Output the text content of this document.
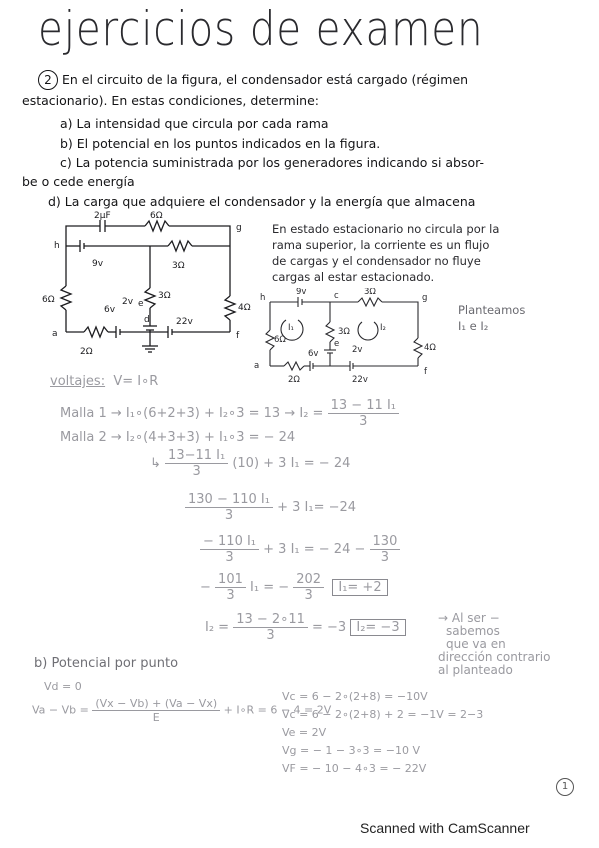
ejercicios de examen
2 En el circuito de la figura, el condensador está cargado (régimen
estacionario). En estas condiciones, determine:
a) La intensidad que circula por cada rama
b) El potencial en los puntos indicados en la figura.
c) La potencia suministrada por los generadores indicando si absor-
be o cede energía
d) La carga que adquiere el condensador y la energía que almacena
2μF	6Ω
g
h
9v	3Ω
6v
2v e
3Ω
6Ω
4Ω
a
d	22v
f
2Ω
En estado estacionario no circula por la
rama superior, la corriente es un flujo
de cargas y el condensador no fluye
cargas al estar estacionado.
h
9v	c	3Ω
g
I₁	3Ω	I₂
6Ω	e
2v
6v
4Ω
a
2Ω	22v
f
Planteamos
I₁ e I₂
voltajes: V= I∘R
Malla 1 → I₁∘(6+2+3) + I₂∘3 = $13 \to I_2 = \frac{\text{13 − 11 I₁}}{3}$
Malla 2 → I₂∘(4+3+3) + I₁∘3 = − 24
↳ $\frac{\text{13−11 I₁}}{3} (10) + 3$ I₁ = − 24
$\frac{\text{130 − 110 I₁}}{3} + 3$ I₁= −24
$\frac{\text{− 110 I₁}}{3} + 3$ I₁ = − $24 - \frac{130}{3}$
− $\frac{101}{3} I_1$ = − $\frac{202}{3} I_1= +2$
$I_2 = \frac{13 - 2\circ 11}{3} = -3$ I₂= −3
→ Al ser −
sabemos
que va en
dirección contrario
al planteado
b) Potencial por punto
Vd = 0
$Va - Vb = \frac{(Vx - Vb) + (Va - Vx)}{E}$ + I∘R = 6 − 4 = 2V
Vc = 6 − 2∘(2+8) = −10V
Vc = 6 − 2∘(2+8) + 2 = −1V = 2−3
Ve = 2V
Vg = − 1 − 3∘3 = −10 V
VF = − 10 − 4∘3 = − 22V
1
Scanned with CamScanner
